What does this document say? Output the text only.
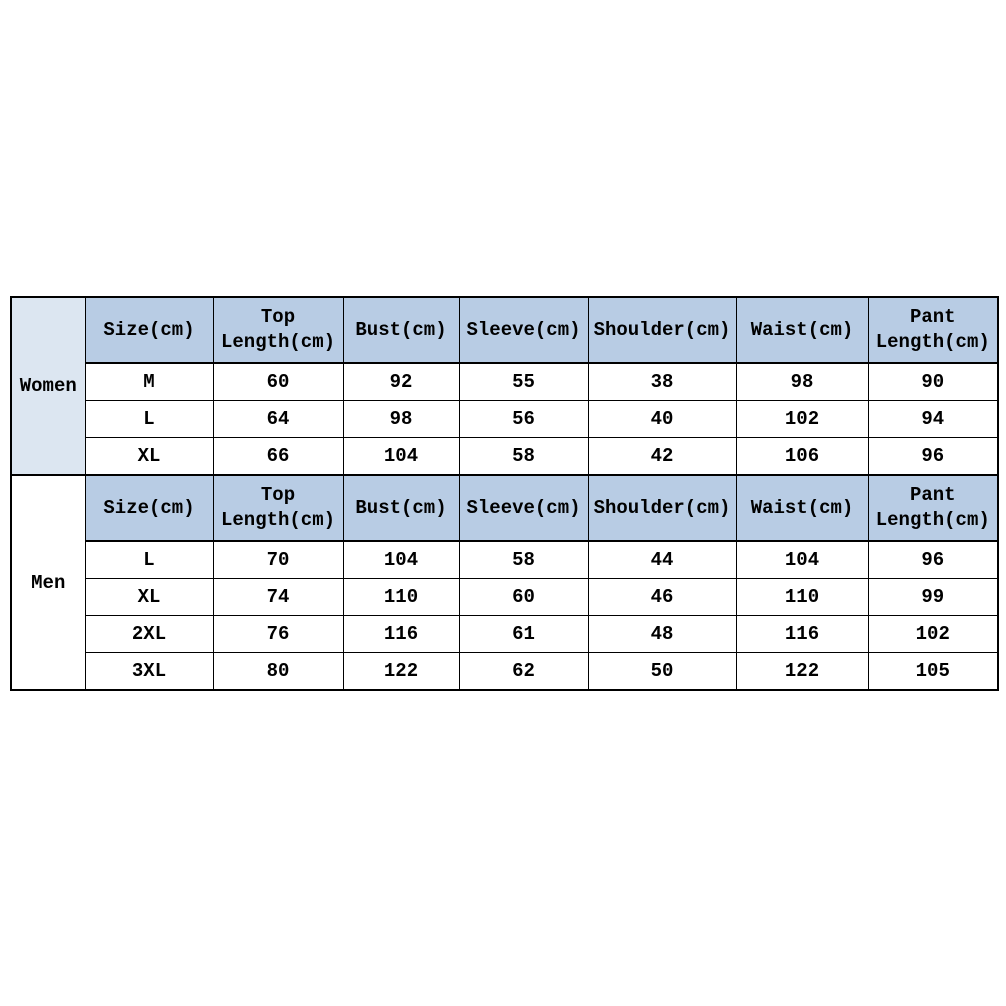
Women	Size(cm)	Top Length(cm)	Bust(cm)	Sleeve(cm)	Shoulder(cm)	Waist(cm)	Pant Length(cm)
	M	60	92	55	38	98	90
	L	64	98	56	40	102	94
	XL	66	104	58	42	106	96
Men	Size(cm)	Top Length(cm)	Bust(cm)	Sleeve(cm)	Shoulder(cm)	Waist(cm)	Pant Length(cm)
	L	70	104	58	44	104	96
	XL	74	110	60	46	110	99
	2XL	76	116	61	48	116	102
	3XL	80	122	62	50	122	105
